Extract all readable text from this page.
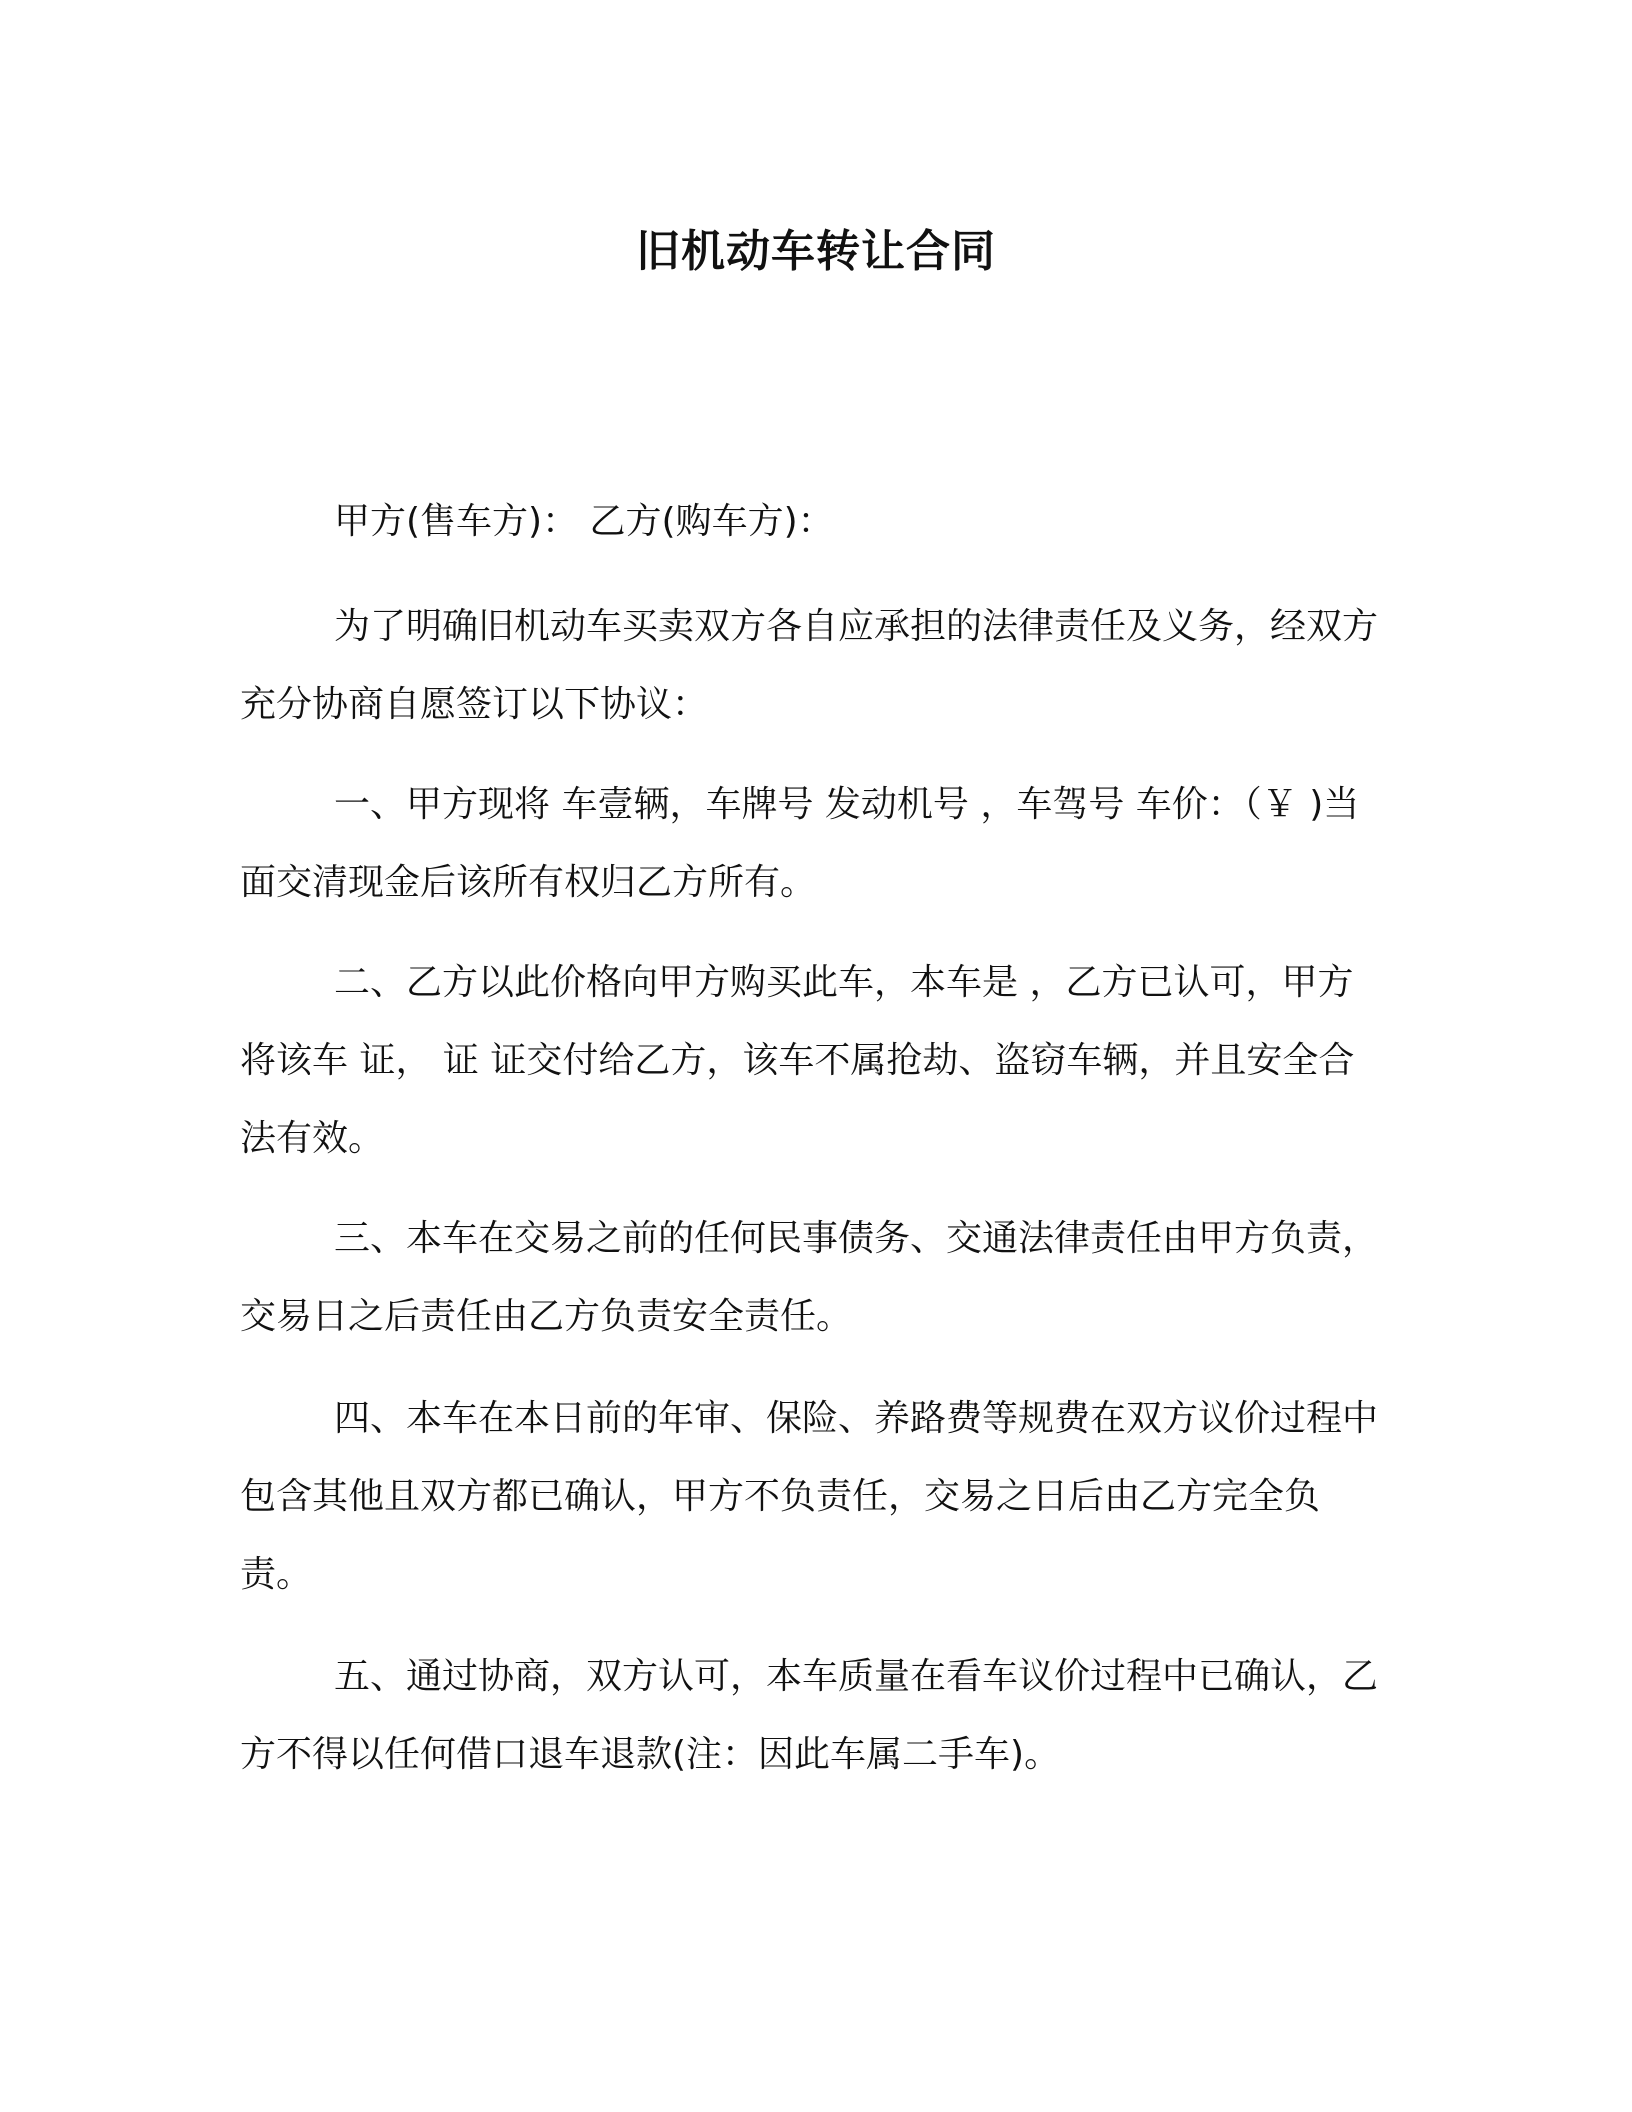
旧机动车转让合同
甲方(售车方)： 乙方(购车方)：

为了明确旧机动车买卖双方各自应承担的法律责任及义务，经双方充分协商自愿签订以下协议：

一、甲方现将 车壹辆，车牌号 发动机号 ，车驾号 车价：（￥ )当面交清现金后该所有权归乙方所有。

二、乙方以此价格向甲方购买此车，本车是 ，乙方已认可，甲方将该车 证， 证 证交付给乙方，该车不属抢劫、盗窃车辆，并且安全合法有效。

三、本车在交易之前的任何民事债务、交通法律责任由甲方负责，交易日之后责任由乙方负责安全责任。

四、本车在本日前的年审、保险、养路费等规费在双方议价过程中包含其他且双方都已确认，甲方不负责任，交易之日后由乙方完全负责。

五、通过协商，双方认可，本车质量在看车议价过程中已确认，乙方不得以任何借口退车退款(注：因此车属二手车)。
